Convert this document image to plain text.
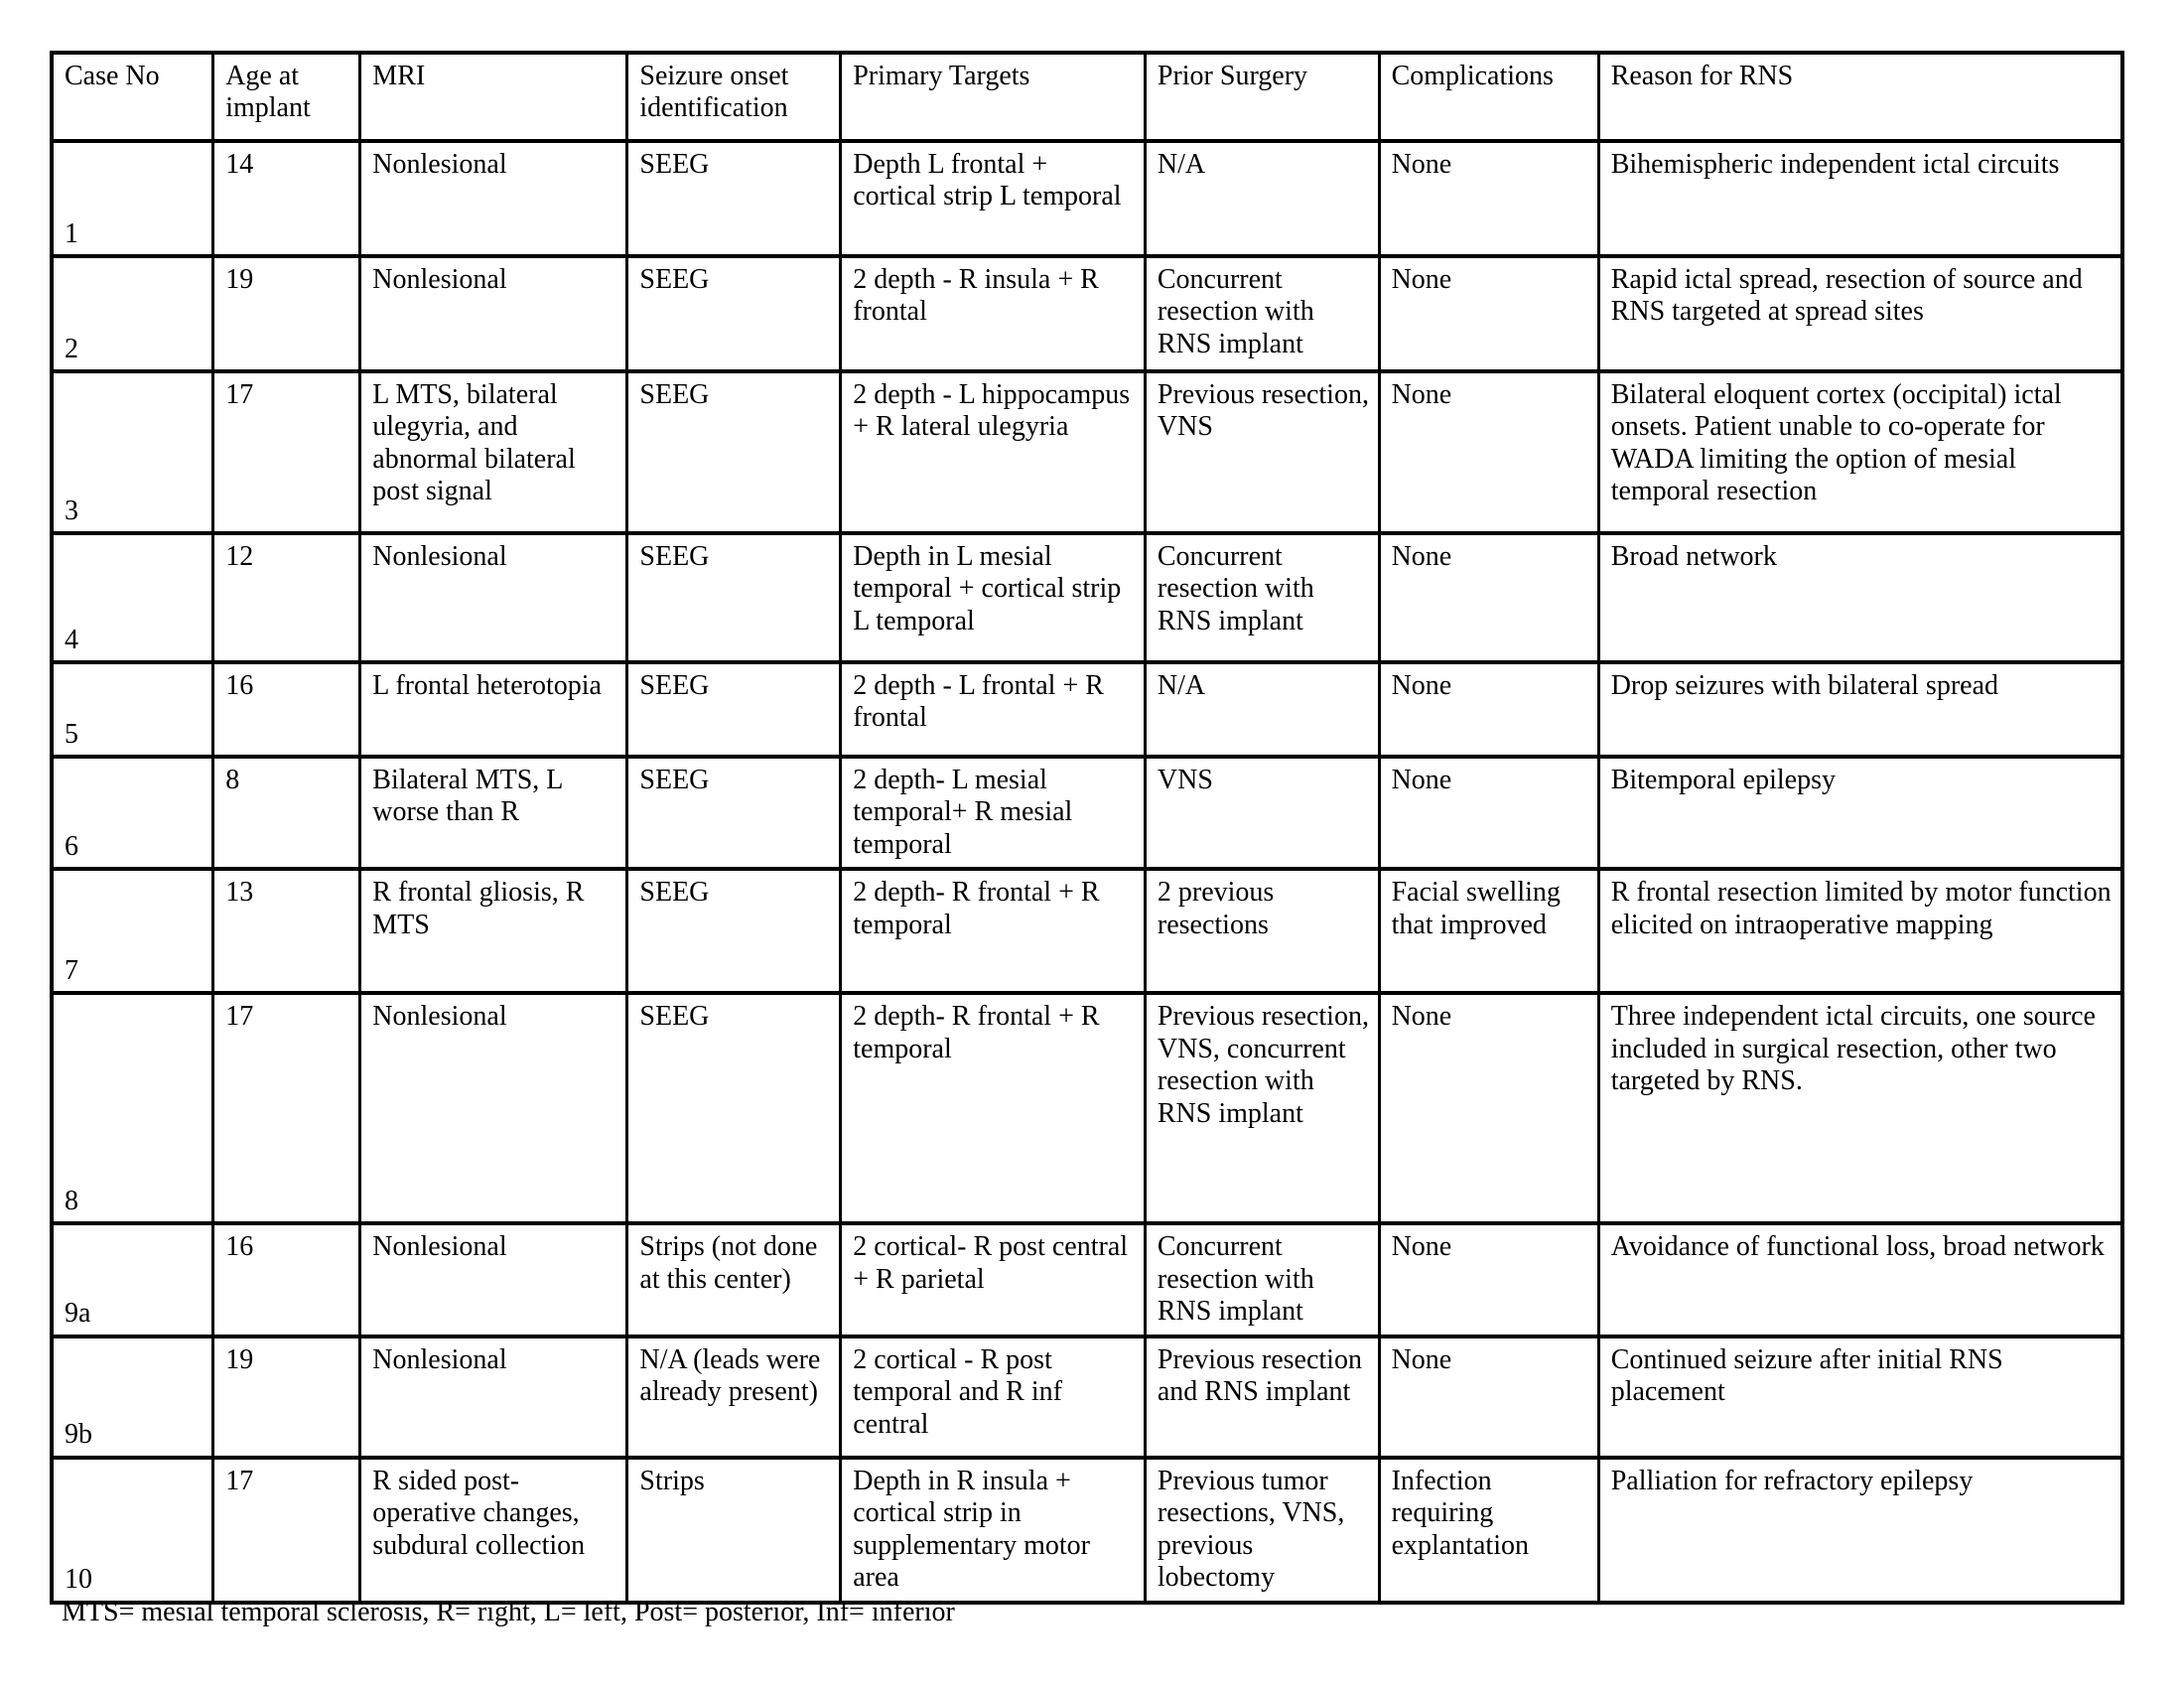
Case No	Age at implant	MRI	Seizure onset identification	Primary Targets	Prior Surgery	Complications	Reason for RNS
1	14	Nonlesional	SEEG	Depth L frontal + cortical strip L temporal	N/A	None	Bihemispheric independent ictal circuits
2	19	Nonlesional	SEEG	2 depth - R insula + R frontal	Concurrent resection with RNS implant	None	Rapid ictal spread, resection of source and RNS targeted at spread sites
3	17	L MTS, bilateral ulegyria, and abnormal bilateral post signal	SEEG	2 depth - L hippocampus + R lateral ulegyria	Previous resection, VNS	None	Bilateral eloquent cortex (occipital) ictal onsets. Patient unable to co-operate for WADA limiting the option of mesial temporal resection
4	12	Nonlesional	SEEG	Depth in L mesial temporal + cortical strip L temporal	Concurrent resection with RNS implant	None	Broad network
5	16	L frontal heterotopia	SEEG	2 depth - L frontal + R frontal	N/A	None	Drop seizures with bilateral spread
6	8	Bilateral MTS, L worse than R	SEEG	2 depth- L mesial temporal+ R mesial temporal	VNS	None	Bitemporal epilepsy
7	13	R frontal gliosis, R MTS	SEEG	2 depth- R frontal + R temporal	2 previous resections	Facial swelling that improved	R frontal resection limited by motor function elicited on intraoperative mapping
8	17	Nonlesional	SEEG	2 depth- R frontal + R temporal	Previous resection, VNS, concurrent resection with RNS implant	None	Three independent ictal circuits, one source included in surgical resection, other two targeted by RNS.
9a	16	Nonlesional	Strips (not done at this center)	2 cortical- R post central + R parietal	Concurrent resection with RNS implant	None	Avoidance of functional loss, broad network
9b	19	Nonlesional	N/A (leads were already present)	2 cortical - R post temporal and R inf central	Previous resection and RNS implant	None	Continued seizure after initial RNS placement
10	17	R sided post-operative changes, subdural collection	Strips	Depth in R insula + cortical strip in supplementary motor area	Previous tumor resections, VNS, previous lobectomy	Infection requiring explantation	Palliation for refractory epilepsy
MTS= mesial temporal sclerosis, R= right, L= left, Post= posterior, Inf= inferior
